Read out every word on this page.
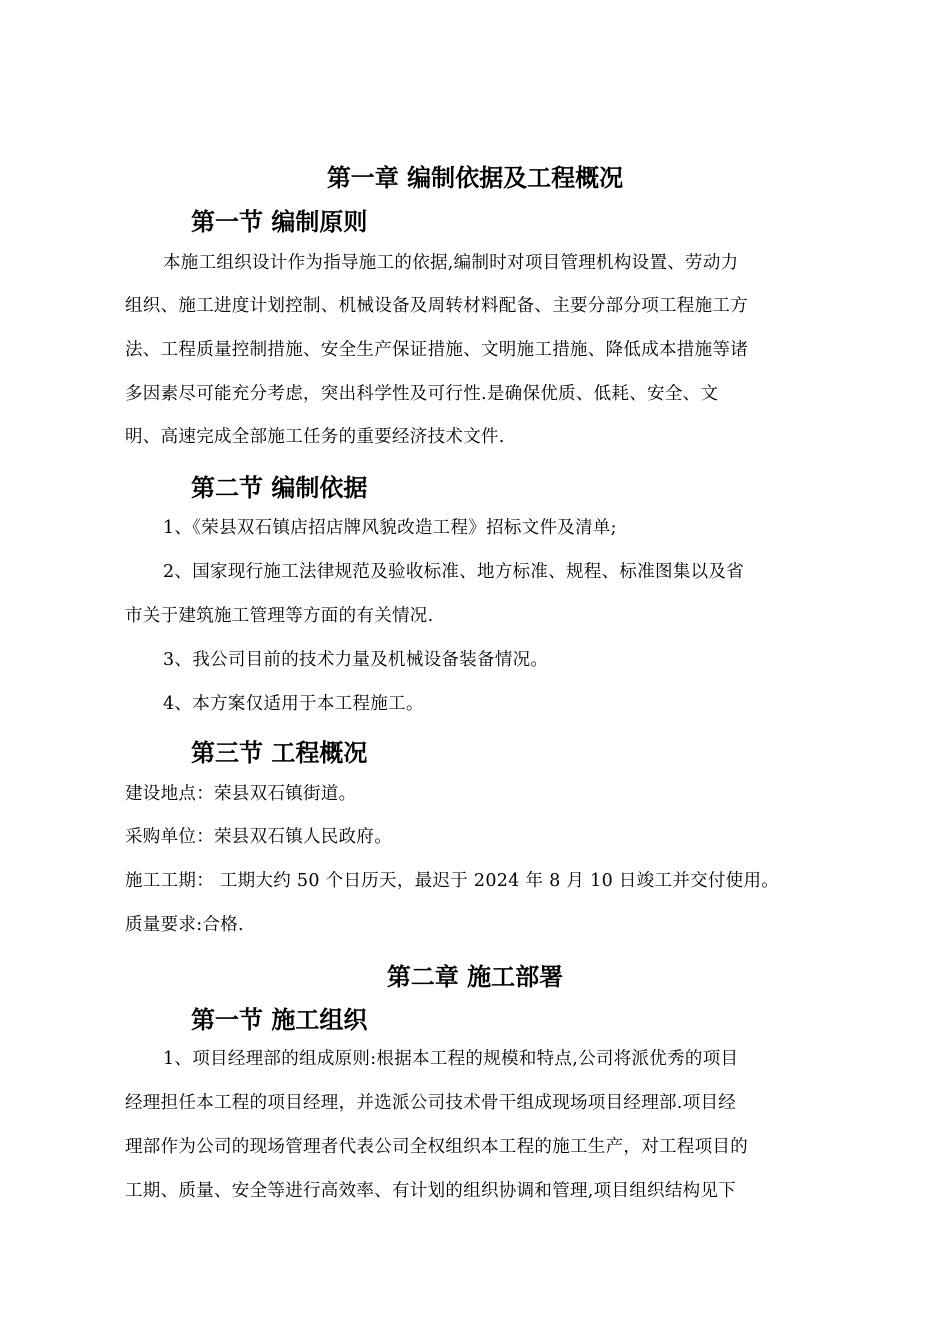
第一章 编制依据及工程概况
第一节 编制原则
本施工组织设计作为指导施工的依据,编制时对项目管理机构设置、劳动力
组织、施工进度计划控制、机械设备及周转材料配备、主要分部分项工程施工方
法、工程质量控制措施、安全生产保证措施、文明施工措施、降低成本措施等诸
多因素尽可能充分考虑，突出科学性及可行性.是确保优质、低耗、安全、文
明、高速完成全部施工任务的重要经济技术文件.
第二节 编制依据
1、《荣县双石镇店招店牌风貌改造工程》招标文件及清单;
2、国家现行施工法律规范及验收标准、地方标准、规程、标准图集以及省
市关于建筑施工管理等方面的有关情况.
3、我公司目前的技术力量及机械设备装备情况。
4、本方案仅适用于本工程施工。
第三节 工程概况
建设地点：荣县双石镇街道。
采购单位：荣县双石镇人民政府。
施工工期： 工期大约 50 个日历天，最迟于 2024 年 8 月 10 日竣工并交付使用。
质量要求:合格.
第二章 施工部署
第一节 施工组织
1、项目经理部的组成原则:根据本工程的规模和特点,公司将派优秀的项目
经理担任本工程的项目经理，并选派公司技术骨干组成现场项目经理部.项目经
理部作为公司的现场管理者代表公司全权组织本工程的施工生产，对工程项目的
工期、质量、安全等进行高效率、有计划的组织协调和管理,项目组织结构见下
